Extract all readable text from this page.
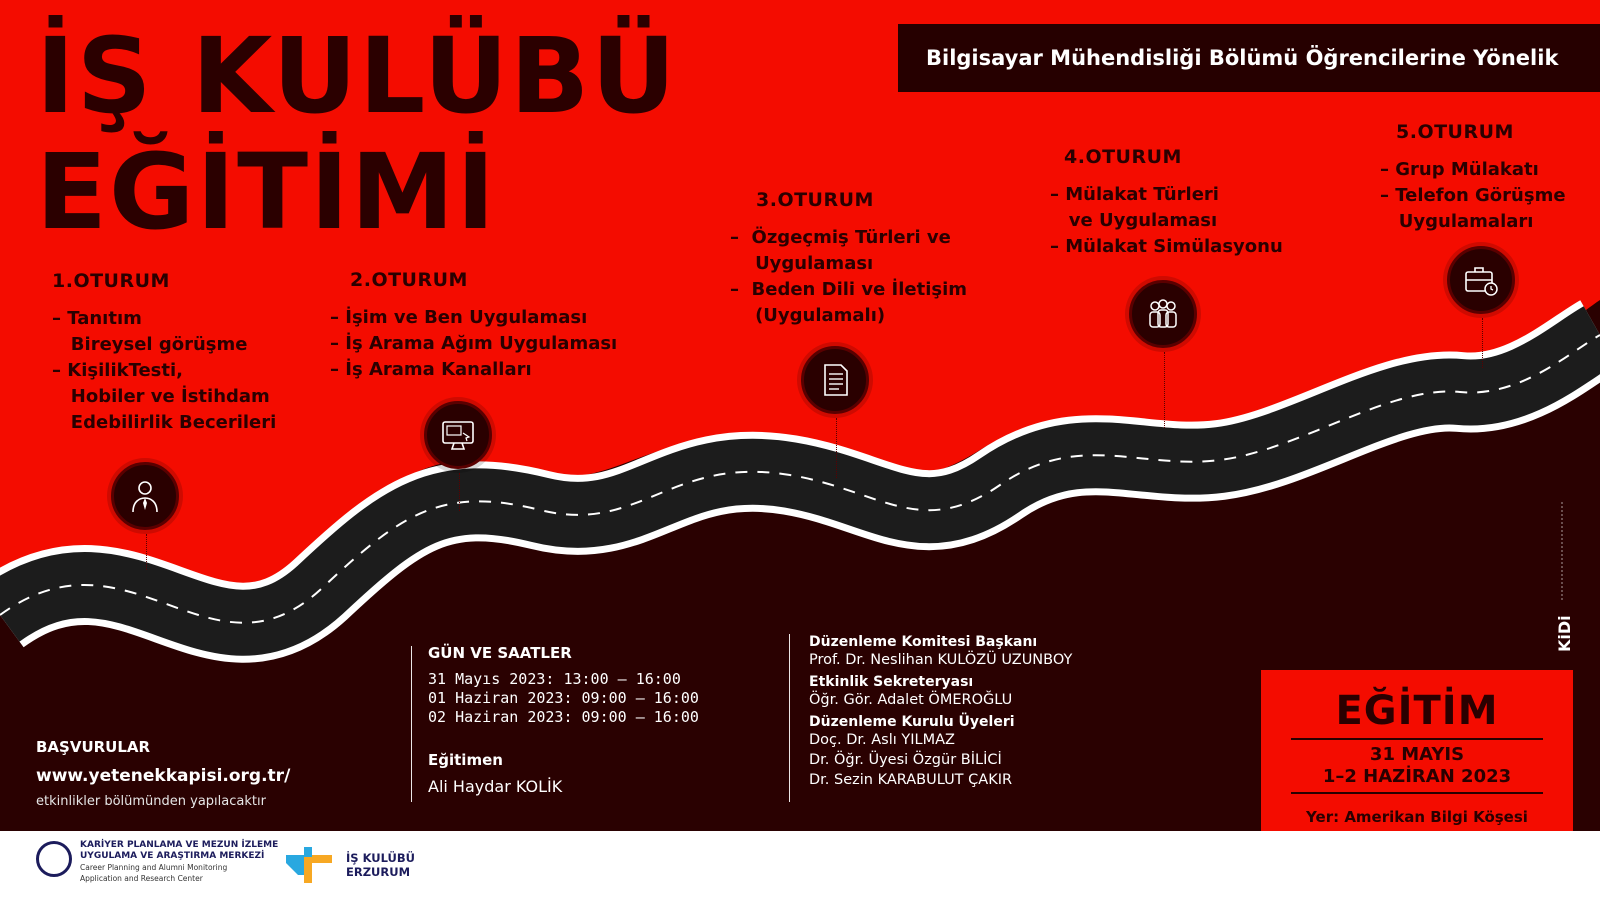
İŞ KULÜBÜ
EĞİTİMİ
Bilgisayar Mühendisliği Bölümü Öğrencilerine Yönelik
1.OTURUM
– Tanıtım
Bireysel görüşme
– KişilikTesti,
Hobiler ve İstihdam
Edebilirlik Becerileri
2.OTURUM
– İşim ve Ben Uygulaması
– İş Arama Ağım Uygulaması
– İş Arama Kanalları
3.OTURUM
–  Özgeçmiş Türleri ve
Uygulaması
–  Beden Dili ve İletişim
(Uygulamalı)
4.OTURUM
– Mülakat Türleri
ve Uygulaması
– Mülakat Simülasyonu
5.OTURUM
– Grup Mülakatı
– Telefon Görüşme
Uygulamaları
BAŞVURULAR
www.yetenekkapisi.org.tr/
etkinlikler bölümünden yapılacaktır
GÜN VE SAATLER
31 Mayıs 2023: 13:00 – 16:00
01 Haziran 2023: 09:00 – 16:00
02 Haziran 2023: 09:00 – 16:00
Eğitimen
Ali Haydar KOLİK
Düzenleme Komitesi Başkanı
Prof. Dr. Neslihan KULÖZÜ UZUNBOY
Etkinlik Sekreteryası
Öğr. Gör. Adalet ÖMEROĞLU
Düzenleme Kurulu Üyeleri
Doç. Dr. Aslı YILMAZ
Dr. Öğr. Üyesi Özgür BİLİCİ
Dr. Sezin KARABULUT ÇAKIR
EĞİTİM
31 MAYIS
1–2 HAZİRAN 2023
Yer: Amerikan Bilgi Köşesi
KiDi
KARİYER PLANLAMA VE MEZUN İZLEME
UYGULAMA VE ARAŞTIRMA MERKEZİ
Career Planning and Alumni Monitoring
Application and Research Center
İŞ KULÜBÜ
ERZURUM
